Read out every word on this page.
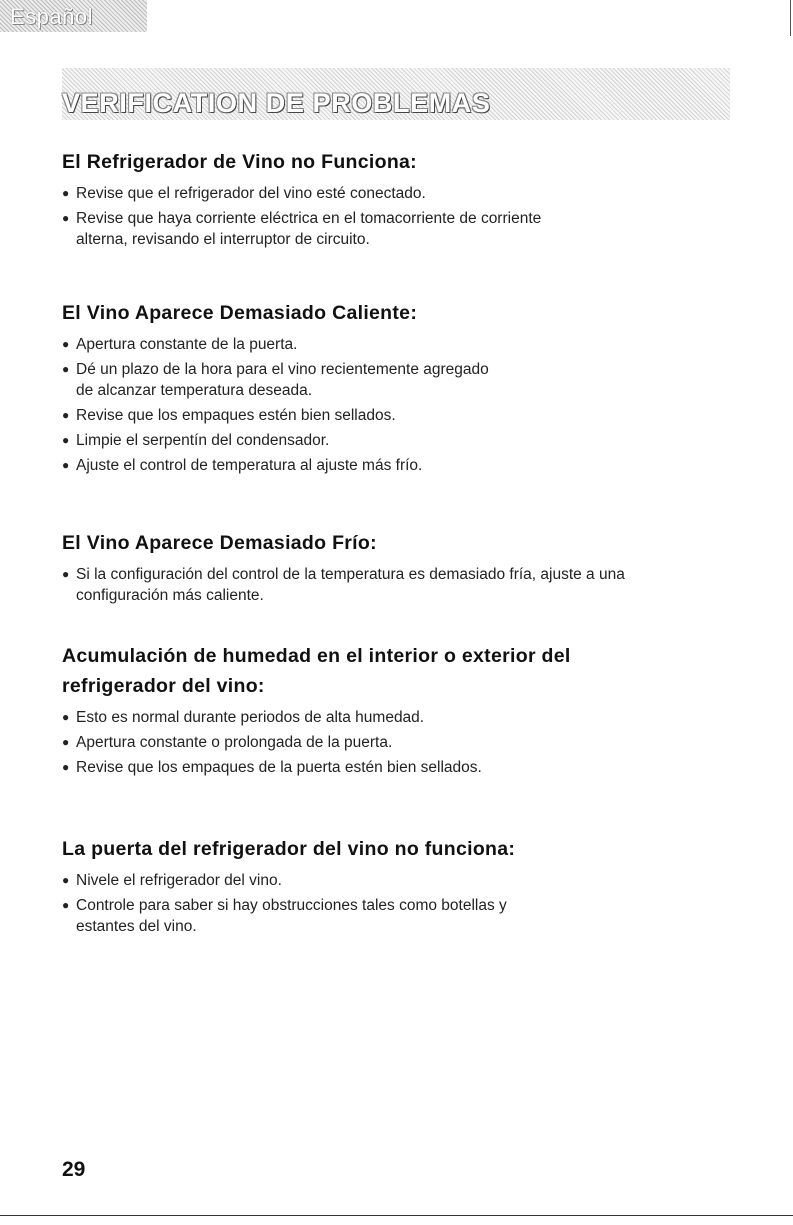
Español
VERIFICATION DE PROBLEMAS
El Refrigerador de Vino no Funciona:
● Revise que el refrigerador del vino esté conectado.
● Revise que haya corriente eléctrica en el tomacorriente de corriente alterna, revisando el interruptor de circuito.
El Vino Aparece Demasiado Caliente:
● Apertura constante de la puerta.
● Dé un plazo de la hora para el vino recientemente agregado de alcanzar temperatura deseada.
● Revise que los empaques estén bien sellados.
● Limpie el serpentín del condensador.
● Ajuste el control de temperatura al ajuste más frío.
El Vino Aparece Demasiado Frío:
● Si la configuración del control de la temperatura es demasiado fría, ajuste a una configuración más caliente.
Acumulación de humedad en el interior o exterior del refrigerador del vino:
● Esto es normal durante periodos de alta humedad.
● Apertura constante o prolongada de la puerta.
● Revise que los empaques de la puerta estén bien sellados.
La puerta del refrigerador del vino no funciona:
● Nivele el refrigerador del vino.
● Controle para saber si hay obstrucciones tales como botellas y estantes del vino.
29
